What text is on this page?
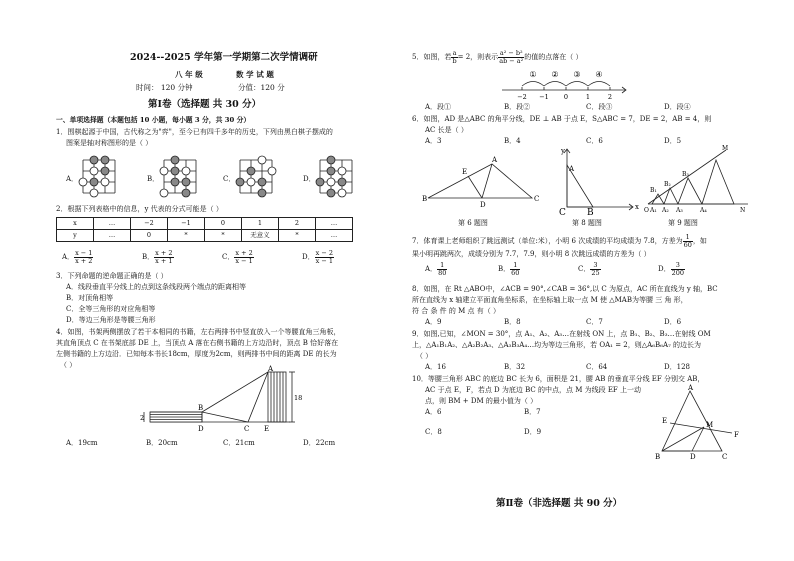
2024--2025 学年第一学期第二次学情调研
八 年 级	数 学 试 题
时间： 120 分钟	分值：120 分
第Ⅰ卷（选择题 共 30 分）
一、单项选择题（本题包括 10 小题，每小题 3 分，共 30 分）
1．围棋起源于中国，古代称之为"弈"，至今已有四千多年的历史，下列由黑白棋子摆成的
图案是轴对称图形的是（ ）
A．	B．	C．	D．
2．根据下列表格中的信息，y 代表的分式可能是（ ）
x	…	−2	−1	0	1	2	…
y	…	0	*	*	无意义	*	…
A． $\frac{x - 1}{x + 2}$	B． $\frac{x + 2}{x + 1}$	C． $\frac{x + 2}{x - 1}$	D． $\frac{x - 2}{x - 1}$
3．下列命题的逆命题正确的是（ ）
A．线段垂直平分线上的点到这条线段两个端点的距离相等
B．对顶角相等
C．全等三角形的对应角相等
D．等边三角形是等腰三角形
4．如图，书架两侧摆放了若干本相同的书籍，左右两排书中竖直放入一个等腰直角三角板，
其直角顶点 C 在书架底部 DE 上，当顶点 A 落在右侧书籍的上方边沿时，顶点 B 恰好落在
左侧书籍的上方边沿．已知每本书长18cm，厚度为2cm，则两排书中间的距离 DE 的长为
（ ）	A
B
C
D	E
2
18
A．19cm	B．20cm	C．21cm	D．22cm
5．如图，若 $\frac{a}{b} = 2$，则表示 $\frac{\text{a² − b²}}{\text{ab − a²}}$ 的值的点落在（ ）
① ② ③ ④
−2 −1 0	1	2
A．段①	B．段②	C．段③	D．段④
6．如图，AD 是△ABC 的角平分线，DE ⊥ AB 于点 E，S△ABC = 7，DE = 2，AB = 4，则
AC 长是（ ）
A．3	B．4	C．6	D．5
A
B	C
D
E
第 6 题图
y
A
C B
x
第 8 题图
M
B₃
B₂
B₁
O A₁ A₂ A₃	A₄	N
第 9 题图
7．体育课上老师组织了跳远测试（单位:米），小明 6 次成绩的平均成绩为 7.8，方差为 $\frac{1}{60}$ ，如
果小明再跳两次，成绩分别为 7.7，7.9，则小明 8 次跳远成绩的方差为（ ）
A． $\frac{1}{80}$	B． $\frac{1}{60}$	C． $\frac{3}{25}$	D． $\frac{3}{200}$
8．如图，在 Rt △ABO中，∠ACB = 90°,∠CAB = 36°,以 C 为原点，AC 所在直线为 y 轴，BC
所在直线为 x 轴建立平面直角坐标系，在坐标轴上取一点 M 使 △MAB为等腰 三 角 形，
符 合 条 件 的 M 点 有（ ）
A．9	B．8	C．7	D．6
9．如图,已知，∠MON = 30°，点 A₁、A₂、A₃…在射线 ON 上，点 B₁、B₂、B₃…在射线 OM
上，△A₁B₁A₂、△A₂B₂A₃、△A₃B₃A₄…均为等边三角形，若 OA₁ = 2，则△A₆B₆A₇ 的边长为
（ ）
A．16	B．32	C．64	D．128
10．等腰三角形 ABC 的底边 BC 长为 6，面积是 21，腰 AB 的垂直平分线 EF 分别交 AB，
AC 于点 E，F，若点 D 为底边 BC 的中点，点 M 为线段 EF 上一动
点，则 BM + DM 的最小值为（ ）
A．6	B．7
C．8	D．9
A
E
F
M
B	D	C
第Ⅱ卷（非选择题 共 90 分）
